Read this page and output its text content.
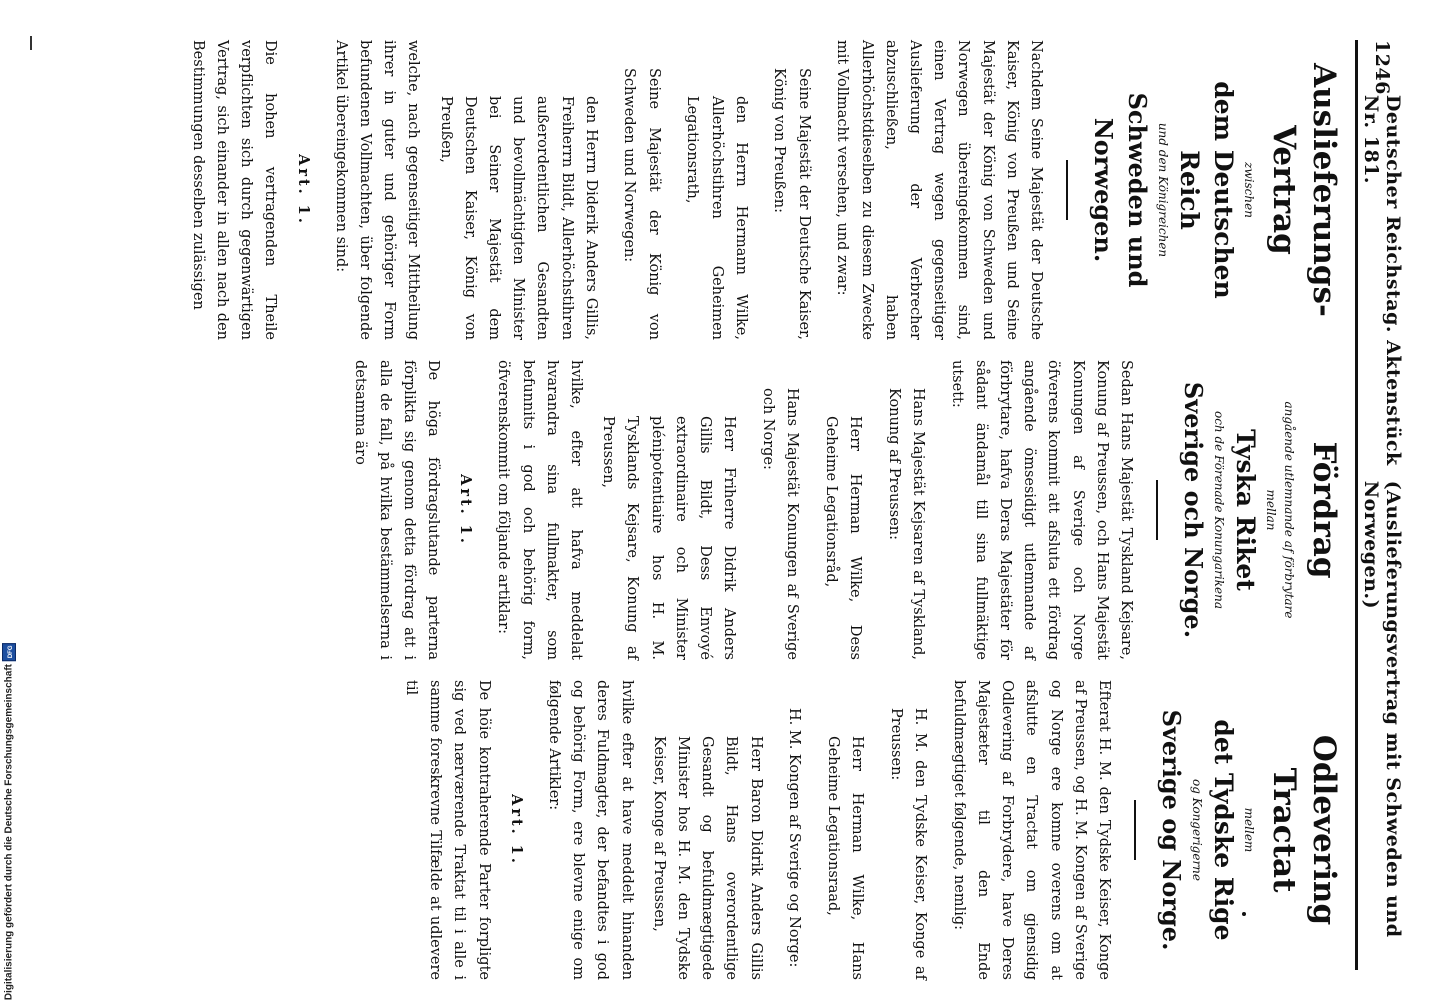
1246
Deutscher Reichstag. Aktenstück Nr. 181.
(Auslieferungsvertrag mit Schweden und Norwegen.)
Auslieferungs-Vertrag
zwischen
dem Deutschen Reich
und den Königreichen
Schweden und Norwegen.

Nachdem Seine Majestät der Deutsche Kaiser, König von Preußen und Seine Majestät der König von Schweden und Norwegen übereingekommen sind, einen Vertrag wegen gegenseitiger Auslieferung der Verbrecher abzuschließen, haben Allerhöchstdieselben zu diesem Zwecke mit Vollmacht versehen, und zwar:

Seine Majestät der Deutsche Kaiser, König von Preußen:

den Herrn Hermann Wilke, Allerhöchstihren Geheimen Legationsrath,

Seine Majestät der König von Schweden und Norwegen:

den Herrn Diderik Anders Gillis, Freiherrn Bildt, Allerhöchstihren außerordentlichen Gesandten und bevollmächtigten Minister bei Seiner Majestät dem Deutschen Kaiser, König von Preußen,

welche, nach gegenseitiger Mittheilung ihrer in guter und gehöriger Form befundenen Vollmachten, über folgende Artikel übereingekommen sind:

Art. 1.

Die hohen vertragenden Theile verpflichten sich durch gegenwärtigen Vertrag, sich einander in allen nach den Bestimmungen desselben zulässigen

Fördrag
angående utlemnande af förbrytare
mellan
Tyska Riket
och de Förenade Konungarikena
Sverige och Norge.

Sedan Hans Majestät Tyskland Kejsare, Konung af Preussen, och Hans Majestät Konungen af Sverige och Norge öfverens kommit att afsluta ett fördrag angående ömsesidigt utlemnande af förbrytare, hafva Deras Majestäter för sådant ändamål till sina fullmäktige utsett:

Hans Majestät Kejsaren af Tyskland, Konung af Preussen:

Herr Herman Wilke, Dess Geheime Legationsråd,

Hans Majestät Konungen af Sverige och Norge:

Herr Friherre Didrik Anders Gillis Bildt, Dess Envoyé extraordinaire och Minister plénipotentiaire hos H. M. Tysklands Kejsare, Konung af Preussen,

hvilke, efter att hafva meddelat hvarandra sina fullmakter, som befunnits i god och behörig form, öfverenskommit om följande artiklar:

Art. 1.

De höga fördragslutande parterna förplikta sig genom detta fördrag att i alla de fall, på hvilka bestämmelserna i detsamma äro

Odlevering Tractat
mellem
det Tydske Rige
og Kongerigerne
Sverige og Norge.

Efterat H. M. den Tydske Keiser, Konge af Preussen, og H. M. Kongen af Sverige og Norge ere komne overens om at afslutte en Tractat om gjensidig Odlevering af Forbrydere, have Deres Majestæter til den Ende befuldmægtiget følgende, nemlig:

H. M. den Tydske Keiser, Konge af Preussen:

Herr Herman Wilke, Hans Geheime Legationsraad,

H. M. Kongen af Sverige og Norge:

Herr Baron Didrik Anders Gillis Bildt, Hans overordentlige Gesandt og befuldmægtigede Minister hos H. M. den Tydske Keiser, Konge af Preussen,

hvilke efter at have meddelt hinanden deres Fuldmagter, der befandtes i god og behörig Form, ere blevne enige om følgende Artikler:

Art. 1.

De höie kontraherende Parter forpligte sig ved nærværende Traktat til i alle i samme foreskrevne Tilfælde at udlevere til

Digitalisierung gefördert durch die Deutsche Forschungsgemeinschaft
DFG
